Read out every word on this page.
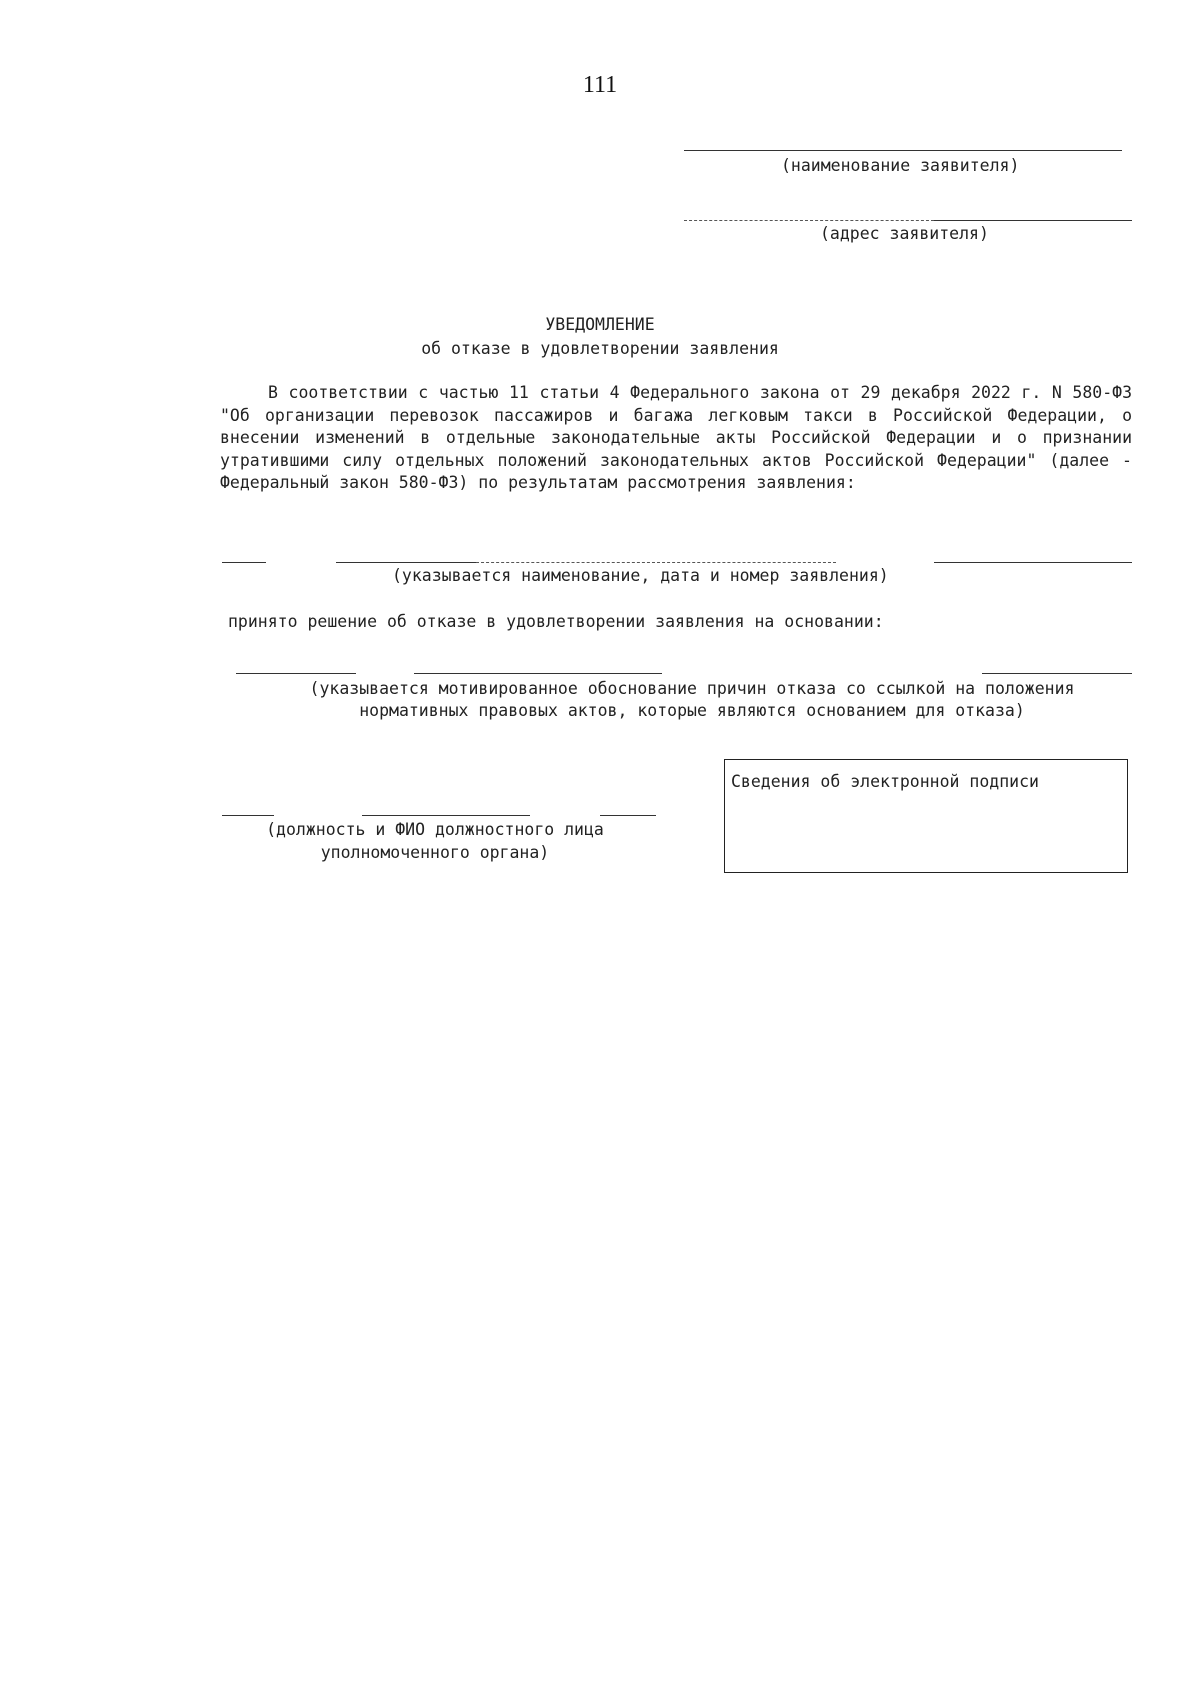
111
(наименование заявителя)
(адрес заявителя)
УВЕДОМЛЕНИЕ
об отказе в удовлетворении заявления

В соответствии с частью 11 статьи 4 Федерального закона от 29 декабря 2022 г. N 580-ФЗ "Об организации перевозок пассажиров и багажа легковым такси в Российской Федерации, о внесении изменений в отдельные законодательные акты Российской Федерации и о признании утратившими силу отдельных положений законодательных актов Российской Федерации" (далее - Федеральный закон 580-ФЗ) по результатам рассмотрения заявления:

(указывается наименование, дата и номер заявления)
принято решение об отказе в удовлетворении заявления на основании:
(указывается мотивированное обоснование причин отказа со ссылкой на положения нормативных правовых актов, которые являются основанием для отказа)
Сведения об электронной подписи
(должность и ФИО должностного лица
уполномоченного органа)
